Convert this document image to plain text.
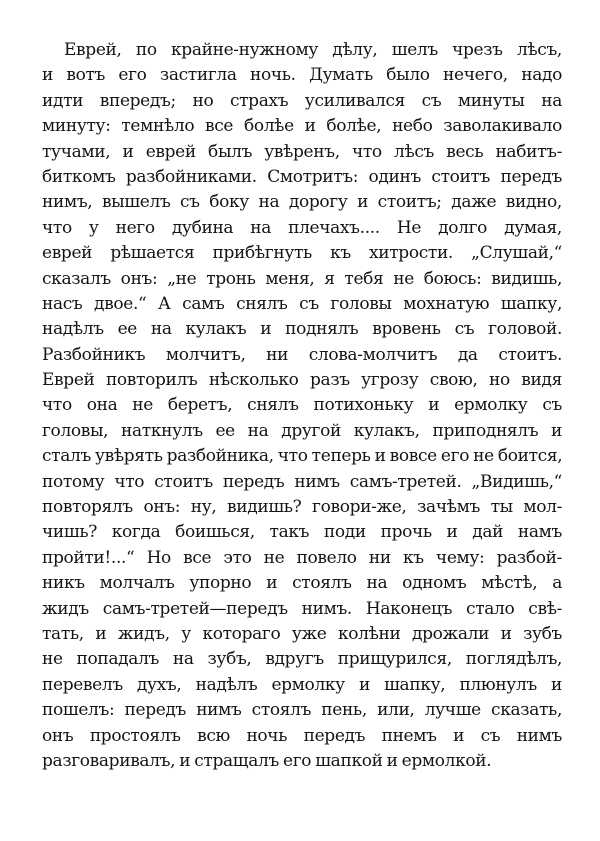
Еврей, по крайне-нужному дѣлу, шелъ чрезъ лѣсъ,
и вотъ его застигла ночь. Думать было нечего, надо
идти впередъ; но страхъ усиливался съ минуты на
минуту: темнѣло все болѣе и болѣе, небо заволакивало
тучами, и еврей былъ увѣренъ, что лѣсъ весь набитъ-
биткомъ разбойниками. Смотритъ: одинъ стоитъ передъ
нимъ, вышелъ съ боку на дорогу и стоитъ; даже видно,
что у него дубина на плечахъ.... Не долго думая,
еврей рѣшается прибѣгнуть къ хитрости. „Слушай,“
сказалъ онъ: „не тронь меня, я тебя не боюсь: видишь,
насъ двое.“ А самъ снялъ съ головы мохнатую шапку,
надѣлъ ее на кулакъ и поднялъ вровень съ головой.
Разбойникъ молчитъ, ни слова-молчитъ да стоитъ.
Еврей повторилъ нѣсколько разъ угрозу свою, но видя
что она не беретъ, снялъ потихоньку и ермолку съ
головы, наткнулъ ее на другой кулакъ, приподнялъ и
сталъ увѣрять разбойника, что теперь и вовсе его не боится,
потому что стоитъ передъ нимъ самъ-третей. „Видишь,“
повторялъ онъ: ну, видишь? говори-же, зачѣмъ ты мол-
чишь? когда боишься, такъ поди прочь и дай намъ
пройти!...“ Но все это не повело ни къ чему: разбой-
никъ молчалъ упорно и стоялъ на одномъ мѣстѣ, а
жидъ самъ-третей—передъ нимъ. Наконецъ стало свѣ-
тать, и жидъ, у котораго уже колѣни дрожали и зубъ
не попадалъ на зубъ, вдругъ прищурился, поглядѣлъ,
перевелъ духъ, надѣлъ ермолку и шапку, плюнулъ и
пошелъ: передъ нимъ стоялъ пень, или, лучше сказать,
онъ простоялъ всю ночь передъ пнемъ и съ нимъ
разговаривалъ, и стращалъ его шапкой и ермолкой.
